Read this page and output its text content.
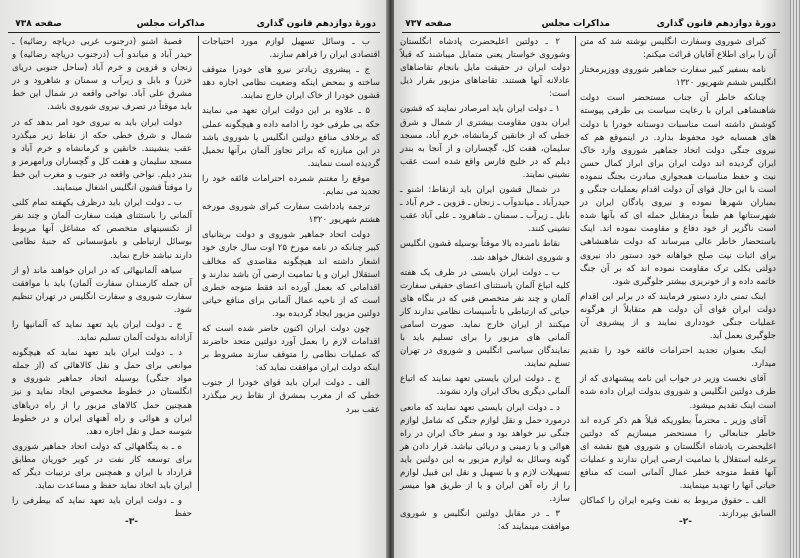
دورهٔ دوازدهم قانون گذاری
مذاکرات مجلس
صفحه ۷۳۸

ب ـ وسائل تسهیل لوازم مورد احتیاجات اقتصادی ایران را فراهم سازند.

ج ـ پیشروی زیادتر نیرو های خودرا متوقف ساخته و بمحض اینکه وضعیت نظامی اجازه دهد قشون خودرا از خاک ایران خارج نمایند.

۵ ـ علاوه بر این دولت ایران تعهد می نمایند حکه بی طرفی خود را ادامه داده و هیچگونه عملی که برخلاف منافع دولتین انگلیس یا شوروی باشد در این مبارزه که براثر تجاوز آلمان برآنها تحمیل گردیده است ننمایند.

موقع را مغتنم شمرده احترامات فائقه خود را تجدید می نمایم.

ترجمه یادداشت سفارت کبرای شوروی مورخه هشتم شهریور ۱۳۲۰

دولت اتحاد جماهیر شوروی و دولت بریتانیای کبیر چنانکه در نامه مورخ ۲۵ اوت سال جاری خود اشعار داشته اند هیچگونه مقاصدی که مخالف استقلال ایران و یا تمامیت ارضی آن باشد ندارند و اقداماتی که بعمل آورده اند فقط متوجه خطری است که از ناحیه عمال آلمانی برای منافع حیاتی دولتین مزبور ایجاد گردیده بود.

چون دولت ایران اکنون حاضر شده است که اقدامات لازم را بعمل آورد دولتین متحد حاضرند که عملیات نظامی را متوقف سازند مشروط بر اینکه دولت ایران موافقت نماید که:

الف ـ دولت ایران باید قوای خودرا از جنوب خطی که از مغرب بمشرق از نقاط زیر میگذرد عقب ببرد

قصبهٔ اشنو (درجنوب غربی دریاچه رضائیه) ـ حیدر آباد و میاندو آب (درجنوب دریاچه رضائیه) و زنجان و قزوین و خرم آباد (ساحل جنوبی دریای خزر) و بابل و زیرآب و سمنان و شاهرود و در مشرق علی آباد. نواحی واقعه در شمال این خط باید موقتاً در تصرف نیروی شوروی باشد.

دولت ایران باید به نیروی خود امر بدهد که در شمال و شرق خطی حکه از نقاط زیر میگذرد عقب بنشینند. خانقین و کرمانشاه و خرم آباد و مسجد سلیمان و هفت کل و گچساران ورامهرمز و بندر دیلم. نواحی واقعه در جنوب و مغرب این خط را موقتاً قشون انگلیس اشغال مینمایند.

ب ـ دولت ایران باید درظرف یکهفته تمام کلنی آلمانی را باستثنای هیئت سفارت آلمان و چند نفر از تکنسینهای متخصص که مشاغل آنها مربوط بوسائل ارتباطی و بامؤسسانی که جنبهٔ نظامی دارند نباشد خارج نماید.

سیاهه آلمانیهائی که در ایران خواهند ماند (و از آن جمله کارمندان سفارت آلمان) باید با موافقت سفارت شوروی و سفارت انگلیس در تهران تنظیم شود.

ج ـ دولت ایران باید تعهد نماید که آلمانیها را آزادانه بدولت آلمان تسلیم نماید.

د ـ دولت ایران باید تعهد نماید که هیچگونه موانعی برای حمل و نقل کالاهائی که (از جمله مواد جنگی) بوسیله اتحاد جماهیر شوروی و انگلستان در خطوط مخصوص ایجاد نماید و نیز همچنین حمل کالاهای مزبور را از راه دریاهای ایران و هوائی و راه آهنهای ایران و در خطوط شوسه حمل و نقل اجازه دهد.

ه ـ به پنگاههائی که دولت اتحاد جماهیر شوروی برای توسعه کار نفت در کویر خوریان مطابق قرارداد با ایران و همچنین برای ترتیبات دیگر که ایران باید اتخاذ نماید حفظ و مساعدت نماید.

و ـ دولت ایران باید تعهد نماید که بیطرفی را حفظ

-۳-
دورهٔ دوازدهم قانون گذاری
مذاکرات مجلس
صفحه ۷۳۷

کبرای شوروی وسفارت انگلیس نوشته شد که متن آن را برای اطلاع آقایان قرائت میکنم:

نامه بسفیر کبیر سفارت جماهیر شوروی ووزیرمختار انگلیس ششم شهریور ۱۳۲۰

چنانکه خاطر آن جناب مستحضر است دولت شاهنشاهی ایران با رعایت سیاست بی طرفی پیوسته کوشش داشته است مناسبات دوستانه خودرا با دولت های همسایه خود محفوظ بدارد. در اینموقع هم که نیروی جنگی دولت اتحاد جماهیر شوروی وارد خاک ایران گردیده اند دولت ایران برای ابراز کمال حسن نیت و حفظ مناسبات همجواری مبادرت بجنگ ننموده است با این حال قوای آن دولت اقدام بعملیات جنگی و بمباران شهرها نموده و نیروی پادگان ایران در شهرستانها هم طبعاً درمقابل حمله ای که بآنها شده است ناگزیر از خود دفاع و مقاومت نموده اند. اینک باستحضار خاطر عالی میرساند که دولت شاهنشاهی برای اثبات نیت صلح خواهانه خود دستور داد نیروی دولتی بکلی ترک مقاومت نموده اند که بر آن جنگ خاتمه داده و از خونریزی بیشتر جلوگیری شود.

اینک تمنی دارد دستور فرمایند که در برابر این اقدام دولت ایران قوای آن دولت هم متقابلاً از هرگونه عملیات جنگی خودداری نمایند و از پیشروی آن جلوگیری بعمل آید.

اینک بعنوان تجدید احترامات فائقه خود را تقدیم میدارد.

آقای نخست وزیر در جواب این نامه پیشنهادی که از طرف دولتین انگلیس و شوروی بدولت ایران داده شده است اینک تقدیم میشود.

آقای وزیر ـ محترماً بطوریکه قبلاً هم ذکر کرده اند خاطر جنابعالی را مستحضر میسازیم که دولتین اعلیحضرت پادشاه انگلستان و شوروی هیچ نقشه ای برعلیه استقلال یا تمامیت ارضی ایران ندارند و عملیات آنها فقط متوجه خطر عمال آلمانی است که منافع حیاتی آنها را تهدید مینمایند.

الف ـ حقوق مربوط به نفت وغیره ایران را کماکان السابق بپردازند.

۲ ـ دولتین اعلیحضرت پادشاه انگلستان وشوروی خواستار یعنی متمایل میباشند که قبلاً دولت ایران در حقیقت مایل بانجام تقاضاهای عادلانه آنها هستند. تقاضاهای مزبور بقرار ذیل است:

۱ ـ دولت ایران باید امرصادر نمایند که قشون ایران بدون مقاومت بیشتری از شمال و شرق خطی که از خانقین کرمانشاه، خرم آباد، مسجد سلیمان، هفت کل، گچساران و از آنجا به بندر دیلم که در خلیج فارس واقع شده است عقب نشینی نمایند.

در شمال قشون ایران باید ازنقاط: اشنو ـ حیدرآباد ـ میاندوآب ـ زنجان ـ قزوین ـ خرم آباد ـ بابل ـ زیرآب ـ سمنان ـ شاهرود ـ علی آباد عقب نشینی کنند.

نقاط نامبرده بالا موقتاً بوسیله قشون انگلیس و شوروی اشغال خواهد شد.

ب ـ دولت ایران بایستی در ظرف یک هفته کلیه اتباع آلمان باستثنای اعضای حقیقی سفارت آلمان و چند نفر متخصص فنی که در بنگاه های حیاتی که ارتباطی با تأسیسات نظامی ندارند کار میکنند از ایران خارج نماید. صورت اسامی آلمانی های مزبور را برای تسلیم باید با نمایندگان سیاسی انگلیس و شوروی در تهران تسلیم نمایند.

ج ـ دولت ایران بایستی تعهد نمایند که اتباع آلمانی دیگری بخاک ایران وارد نشوند.

د ـ دولت ایران بایستی تعهد نمایند که مانعی درمورد حمل و نقل لوازم جنگی که شامل لوازم جنگی نیز خواهد بود و سفر خاک ایران در راه هوائی و یا زمینی و دریائی نباشد. قرار دادن هر گونه وسائل به لوازم مزبور به این دولتین باید تسهیلات لازم و با تسهیل و نقل این قبیل لوازم را از راه آهن ایران و یا از طریق هوا میسر سازد.

۳ ـ در مقابل دولتین انگلیس و شوروی موافقت مینمایند که:

-۲-
